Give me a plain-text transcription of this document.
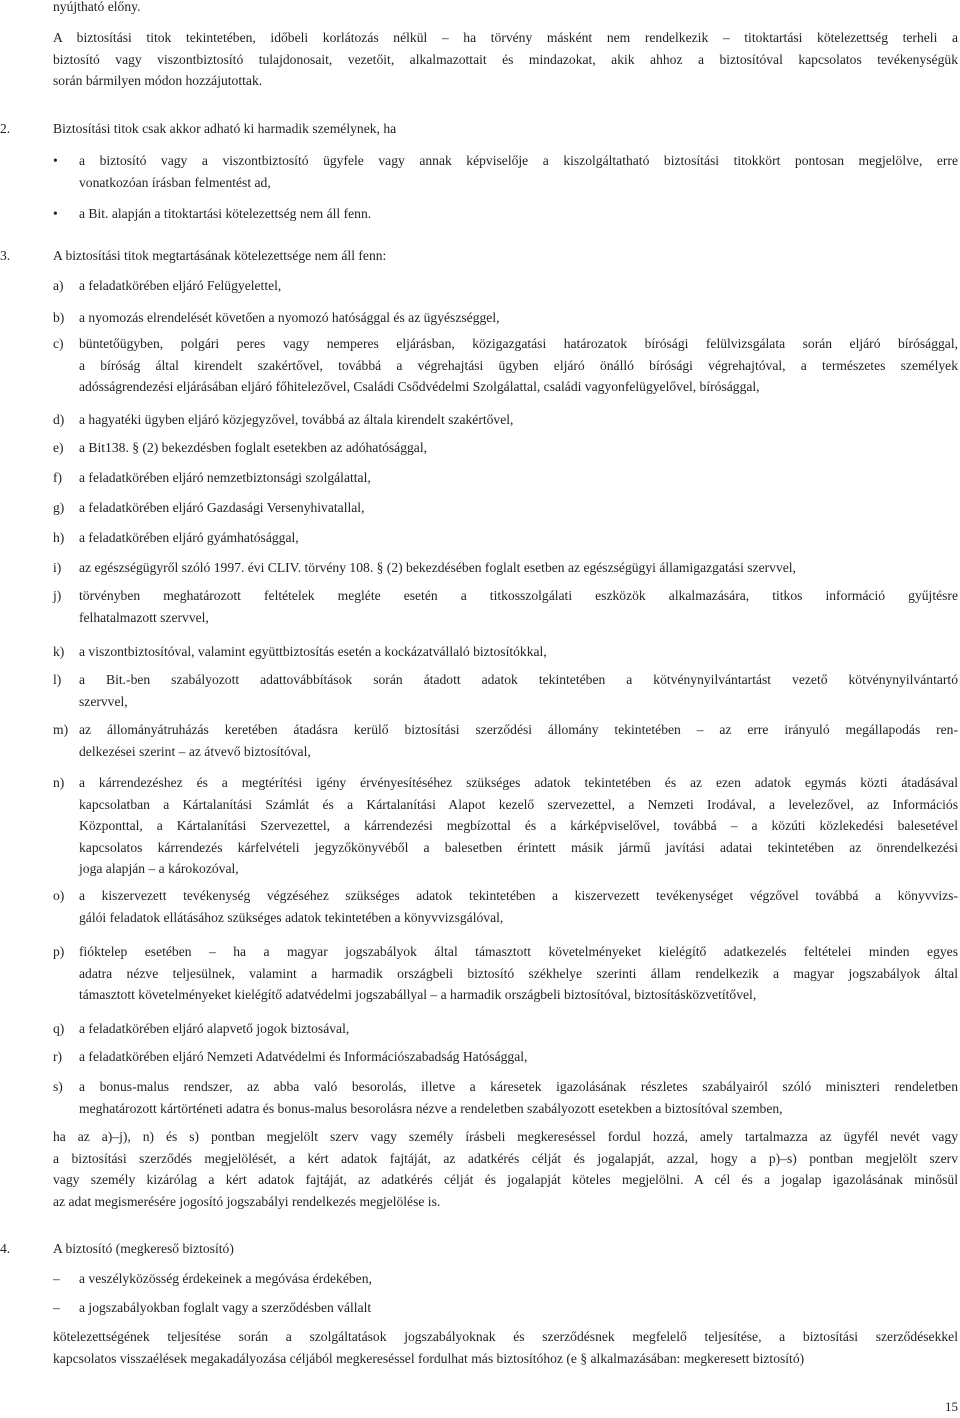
nyújtható előny.
A biztosítási titok tekintetében, időbeli korlátozás nélkül – ha törvény másként nem rendelkezik – titoktartási kötelezettség terheli a
biztosító vagy viszontbiztosító tulajdonosait, vezetőit, alkalmazottait és mindazokat, akik ahhoz a biztosítóval kapcsolatos tevékenységük
során bármilyen módon hozzájutottak.
2.	Biztosítási titok csak akkor adható ki harmadik személynek, ha
• a biztosító vagy a viszontbiztosító ügyfele vagy annak képviselője a kiszolgáltatható biztosítási titokkört pontosan megjelölve, erre
vonatkozóan írásban felmentést ad,
• a Bit. alapján a titoktartási kötelezettség nem áll fenn.
3.	A biztosítási titok megtartásának kötelezettsége nem áll fenn:
a) a feladatkörében eljáró Felügyelettel,
b) a nyomozás elrendelését követően a nyomozó hatósággal és az ügyészséggel,
c) büntetőügyben, polgári peres vagy nemperes eljárásban, közigazgatási határozatok bírósági felülvizsgálata során eljáró bírósággal,
a bíróság által kirendelt szakértővel, továbbá a végrehajtási ügyben eljáró önálló bírósági végrehajtóval, a természetes személyek
adósságrendezési eljárásában eljáró főhitelezővel, Családi Csődvédelmi Szolgálattal, családi vagyonfelügyelővel, bírósággal,
d) a hagyatéki ügyben eljáró közjegyzővel, továbbá az általa kirendelt szakértővel,
e) a Bit138. § (2) bekezdésben foglalt esetekben az adóhatósággal,
f) a feladatkörében eljáró nemzetbiztonsági szolgálattal,
g) a feladatkörében eljáró Gazdasági Versenyhivatallal,
h) a feladatkörében eljáró gyámhatósággal,
i) az egészségügyről szóló 1997. évi CLIV. törvény 108. § (2) bekezdésében foglalt esetben az egészségügyi államigazgatási szervvel,
j) törvényben meghatározott feltételek megléte esetén a titkosszolgálati eszközök alkalmazására, titkos információ gyűjtésre
felhatalmazott szervvel,
k) a viszontbiztosítóval, valamint együttbiztosítás esetén a kockázatvállaló biztosítókkal,
l) a Bit.-ben szabályozott adattovábbítások során átadott adatok tekintetében a kötvénynyilvántartást vezető kötvénynyilvántartó
szervvel,
m) az állományátruházás keretében átadásra kerülő biztosítási szerződési állomány tekintetében – az erre irányuló megállapodás ren-
delkezései szerint – az átvevő biztosítóval,
n) a kárrendezéshez és a megtérítési igény érvényesítéséhez szükséges adatok tekintetében és az ezen adatok egymás közti átadásával
kapcsolatban a Kártalanítási Számlát és a Kártalanítási Alapot kezelő szervezettel, a Nemzeti Irodával, a levelezővel, az Információs
Központtal, a Kártalanítási Szervezettel, a kárrendezési megbízottal és a kárképviselővel, továbbá – a közúti közlekedési balesetével
kapcsolatos kárrendezés kárfelvételi jegyzőkönyvéből a balesetben érintett másik jármű javítási adatai tekintetében az önrendelkezési
joga alapján – a károkozóval,
o) a kiszervezett tevékenység végzéséhez szükséges adatok tekintetében a kiszervezett tevékenységet végzővel továbbá a könyvvizs-
gálói feladatok ellátásához szükséges adatok tekintetében a könyvvizsgálóval,
p) fióktelep esetében – ha a magyar jogszabályok által támasztott követelményeket kielégítő adatkezelés feltételei minden egyes
adatra nézve teljesülnek, valamint a harmadik országbeli biztosító székhelye szerinti állam rendelkezik a magyar jogszabályok által
támasztott követelményeket kielégítő adatvédelmi jogszabállyal – a harmadik országbeli biztosítóval, biztosításközvetítővel,
q) a feladatkörében eljáró alapvető jogok biztosával,
r) a feladatkörében eljáró Nemzeti Adatvédelmi és Információszabadság Hatósággal,
s) a bonus-malus rendszer, az abba való besorolás, illetve a káresetek igazolásának részletes szabályairól szóló miniszteri rendeletben
meghatározott kártörténeti adatra és bonus-malus besorolásra nézve a rendeletben szabályozott esetekben a biztosítóval szemben,
ha az a)–j), n) és s) pontban megjelölt szerv vagy személy írásbeli megkereséssel fordul hozzá, amely tartalmazza az ügyfél nevét vagy
a biztosítási szerződés megjelölését, a kért adatok fajtáját, az adatkérés célját és jogalapját, azzal, hogy a p)–s) pontban megjelölt szerv
vagy személy kizárólag a kért adatok fajtáját, az adatkérés célját és jogalapját köteles megjelölni. A cél és a jogalap igazolásának minősül
az adat megismerésére jogosító jogszabályi rendelkezés megjelölése is.
4.	A biztosító (megkereső biztosító)
– a veszélyközösség érdekeinek a megóvása érdekében,
– a jogszabályokban foglalt vagy a szerződésben vállalt
kötelezettségének teljesítése során a szolgáltatások jogszabályoknak és szerződésnek megfelelő teljesítése, a biztosítási szerződésekkel
kapcsolatos visszaélések megakadályozása céljából megkereséssel fordulhat más biztosítóhoz (e § alkalmazásában: megkeresett biztosító)
15
